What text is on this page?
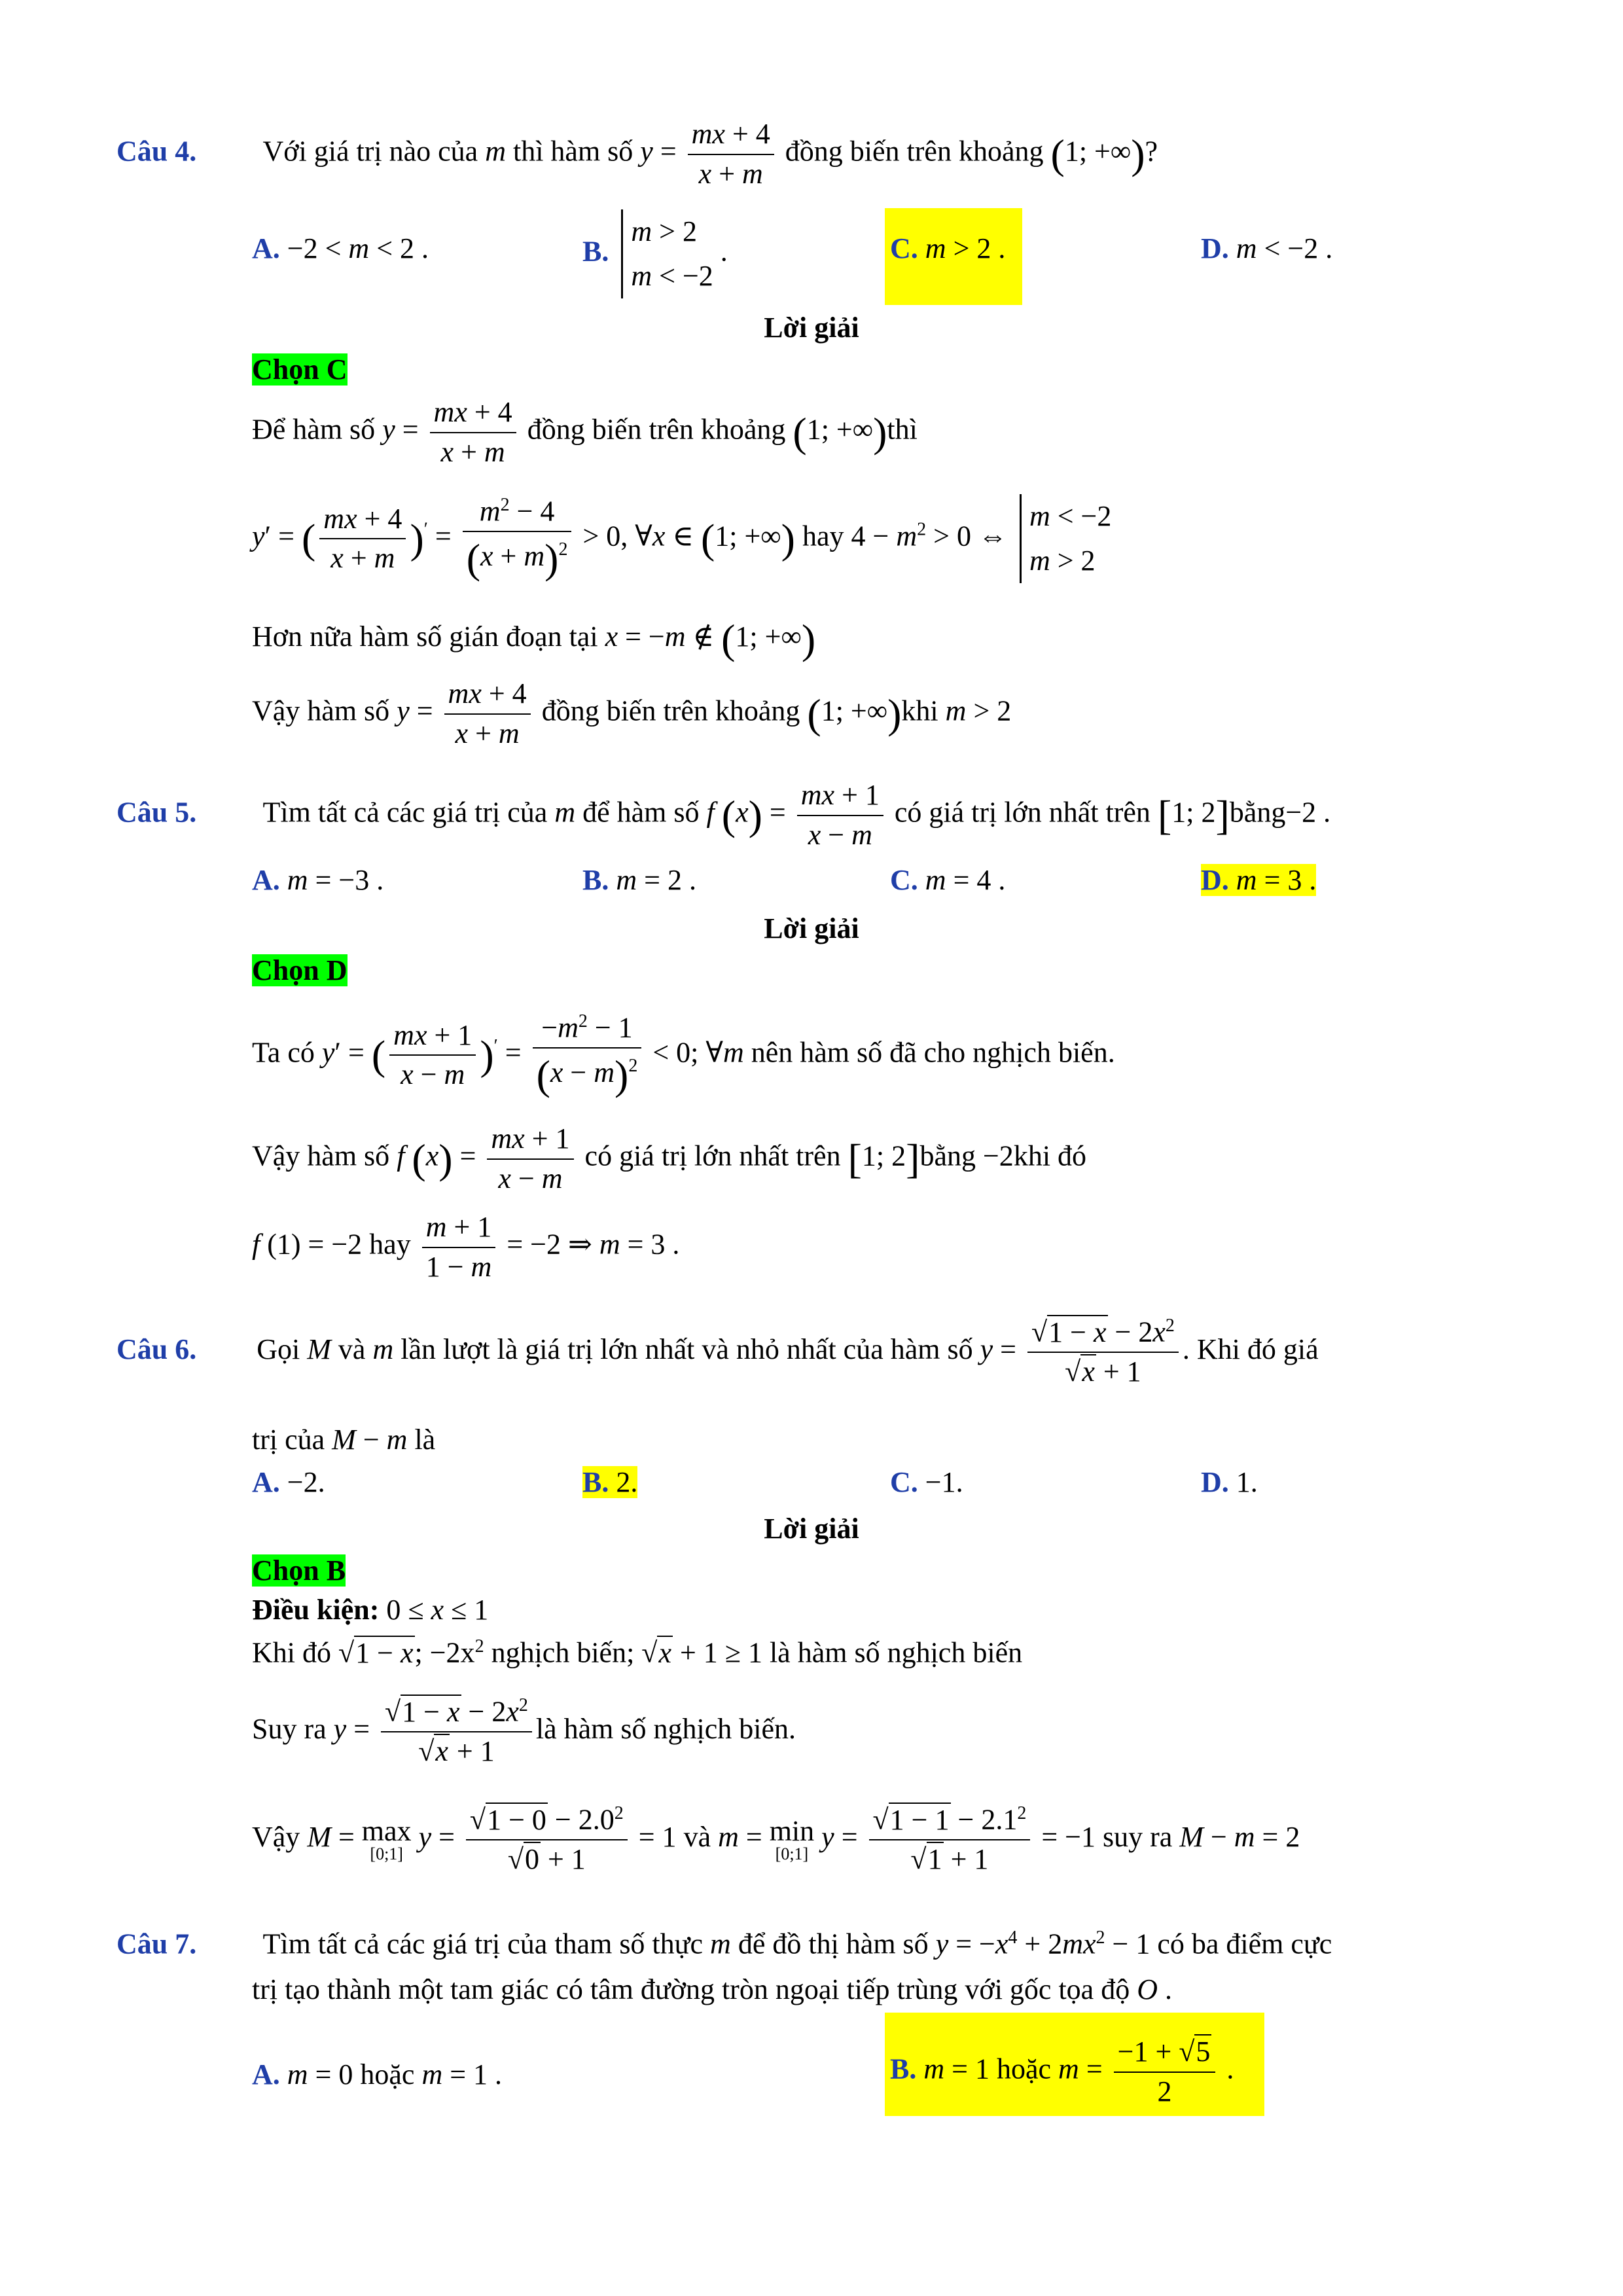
Câu 4. Với giá trị nào của m thì hàm số $y = \frac{mx + 4}{x + m}$ đồng biến trên khoảng (1; +∞)?
A. −2 < m < 2 .	B.
m > 2
m < −2
.	C. m > 2 .	D. m < −2 .
Lời giải
Chọn C
Để hàm số $y = \frac{mx + 4}{x + m}$ đồng biến trên khoảng (1; +∞)thì
y′ = ( $\frac{mx + 4}{x + m} )' = \frac{m^2 - 4}{(x + m)^2} > 0$, ∀x ∈ (1; +∞) hay $4 - m^2 > 0$ ⇔
m < −2
m > 2
Hơn nữa hàm số gián đoạn tại x = −m ∉ (1; +∞)
Vậy hàm số $y = \frac{mx + 4}{x + m}$ đồng biến trên khoảng (1; +∞)khi m > 2
Câu 5. Tìm tất cả các giá trị của m để hàm số f $(x) = \frac{mx + 1}{x - m}$ có giá trị lớn nhất trên [1; 2]bằng−2 .
A. m = −3 .	B. m = 2 .	C. m = 4 .	D. m = 3 .
Lời giải
Chọn D
Ta có y′ = ( $\frac{mx + 1}{x - m} )' = \frac{-m^2 - 1}{(x - m)^2} < 0$; ∀m nên hàm số đã cho nghịch biến.
Vậy hàm số f $(x) = \frac{mx + 1}{x - m}$ có giá trị lớn nhất trên [1; 2]bằng −2khi đó
f (1) = −2 hay $\frac{m + 1}{1 - m} = -2$ ⇒ m = 3 .
Câu 6. Gọi M và m lần lượt là giá trị lớn nhất và nhỏ nhất của hàm số $y = \frac{√1 - x - 2x^2}{√x + 1}$ . Khi đó giá
trị của M − m là
A. −2.	B. 2.	C. −1.	D. 1.
Lời giải
Chọn B
Điều kiện: 0 ≤ x ≤ 1
Khi đó √1 − x; $-2x^2$ nghịch biến; √x + 1 ≥ 1 là hàm số nghịch biến
Suy ra $y = \frac{√1 - x - 2x^2}{√x + 1}$ là hàm số nghịch biến.
Vậy M = max
[0;1]
$y = \frac{√1 - 0 - 2.0^2}{√0 + 1} = 1$ và m = min
[0;1]
$y = \frac{√1 - 1 - 2.1^2}{√1 + 1} = -1$ suy ra M − m = 2
Câu 7. Tìm tất cả các giá trị của tham số thực m để đồ thị hàm số $y = -x^4 + 2mx^2 - 1$ có ba điểm cực
trị tạo thành một tam giác có tâm đường tròn ngoại tiếp trùng với gốc tọa độ O .
A. m = 0 hoặc m = 1 .	B. m = 1 hoặc $m = \frac{-1 + √5}{2}$ .
